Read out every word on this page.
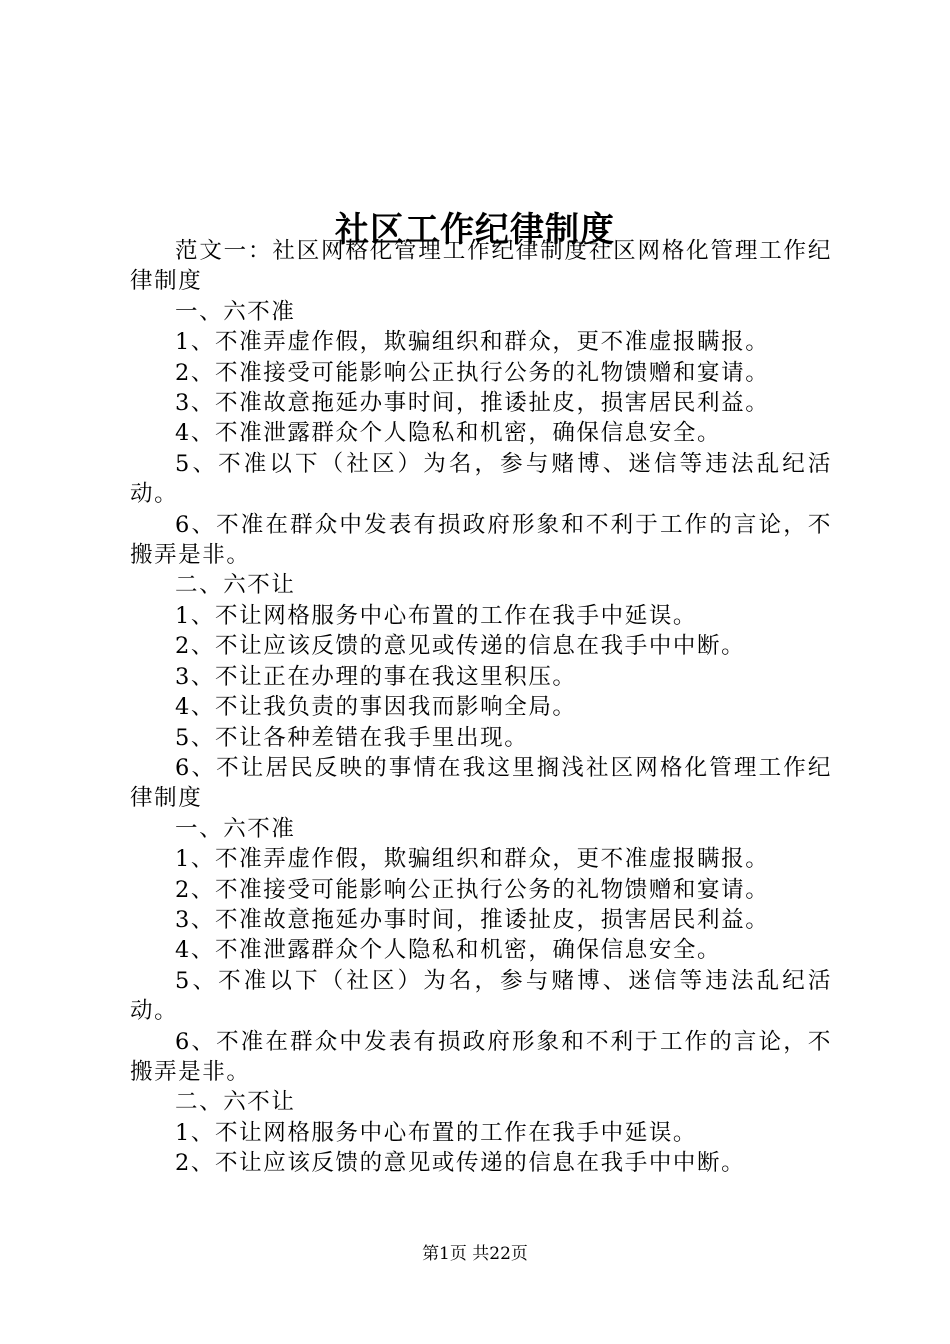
社区工作纪律制度

范文一：社区网格化管理工作纪律制度社区网格化管理工作纪律制度

一、六不准

1、不准弄虚作假，欺骗组织和群众，更不准虚报瞒报。

2、不准接受可能影响公正执行公务的礼物馈赠和宴请。

3、不准故意拖延办事时间，推诿扯皮，损害居民利益。

4、不准泄露群众个人隐私和机密，确保信息安全。

5、不准以下（社区）为名，参与赌博、迷信等违法乱纪活动。

6、不准在群众中发表有损政府形象和不利于工作的言论，不搬弄是非。

二、六不让

1、不让网格服务中心布置的工作在我手中延误。

2、不让应该反馈的意见或传递的信息在我手中中断。

3、不让正在办理的事在我这里积压。

4、不让我负责的事因我而影响全局。

5、不让各种差错在我手里出现。

6、不让居民反映的事情在我这里搁浅社区网格化管理工作纪律制度

一、六不准

1、不准弄虚作假，欺骗组织和群众，更不准虚报瞒报。

2、不准接受可能影响公正执行公务的礼物馈赠和宴请。

3、不准故意拖延办事时间，推诿扯皮，损害居民利益。

4、不准泄露群众个人隐私和机密，确保信息安全。

5、不准以下（社区）为名，参与赌博、迷信等违法乱纪活动。

6、不准在群众中发表有损政府形象和不利于工作的言论，不搬弄是非。

二、六不让

1、不让网格服务中心布置的工作在我手中延误。

2、不让应该反馈的意见或传递的信息在我手中中断。

第1页 共22页
